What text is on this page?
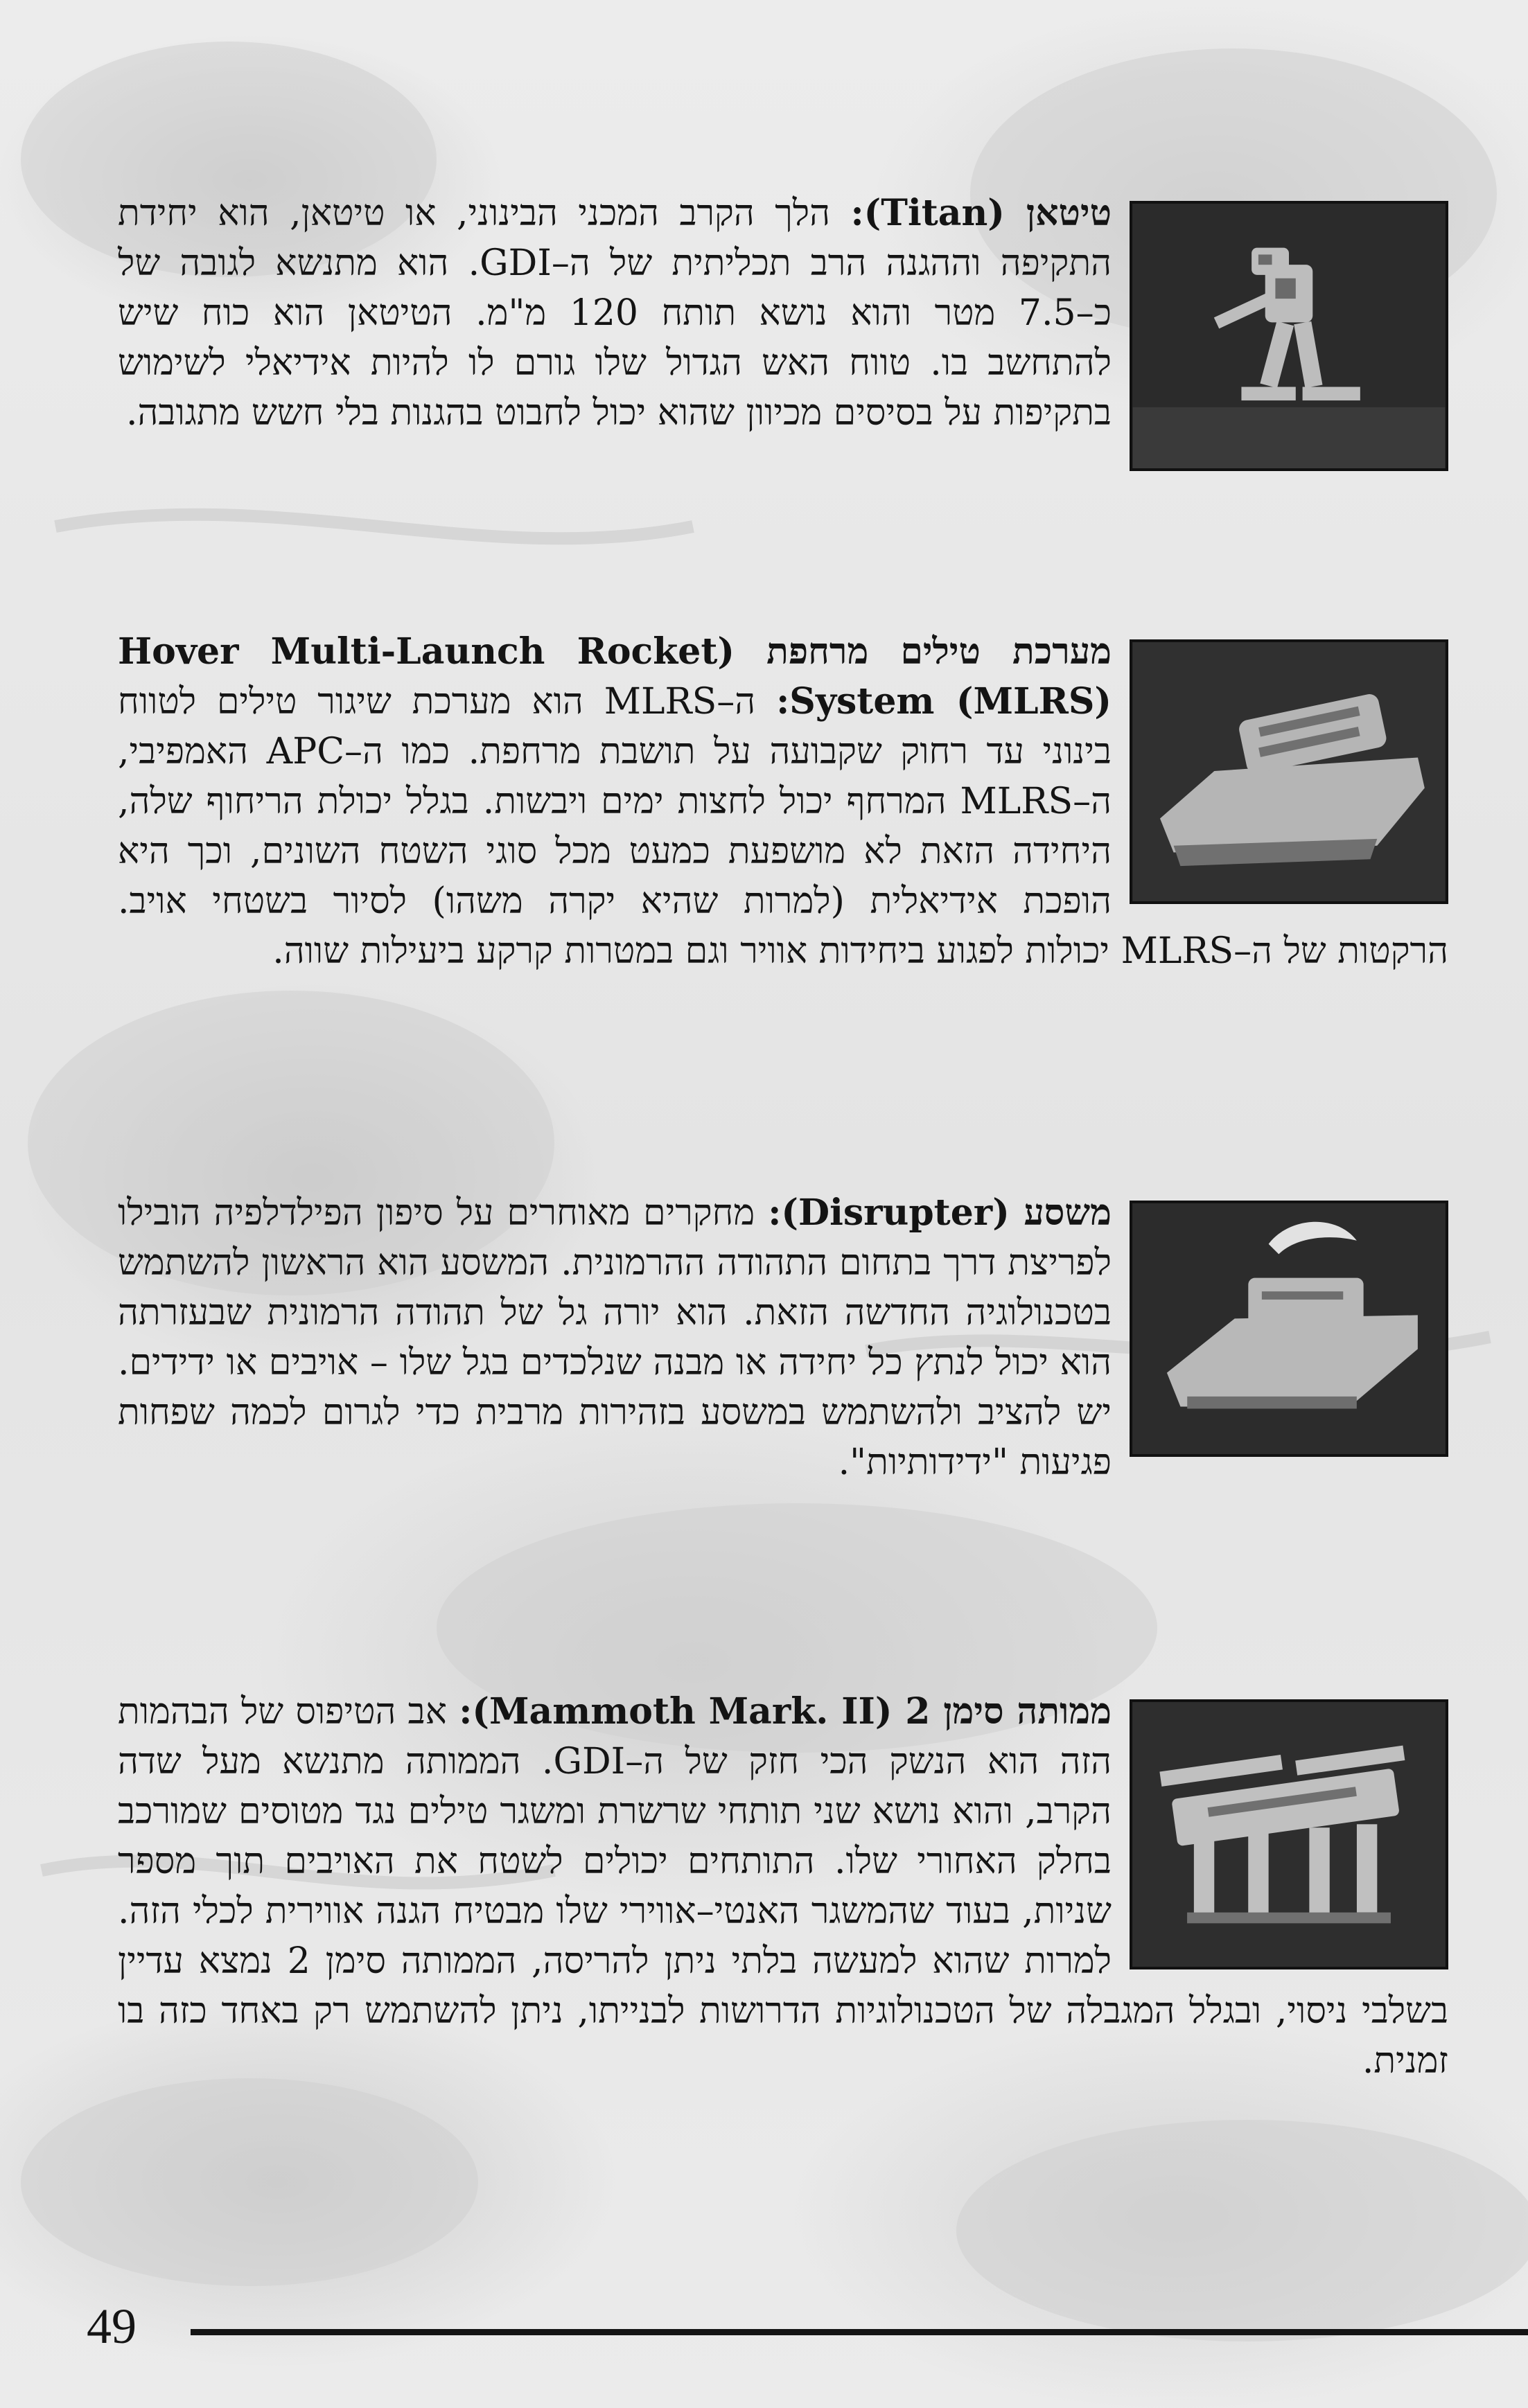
טיטאן (Titan): הלך הקרב המכני הבינוני, או טיטאן, הוא יחידת התקיפה וההגנה הרב תכליתית של ה–GDI. הוא מתנשא לגובה של כ–7.5 מטר והוא נושא תותח 120 מ"מ. הטיטאן הוא כוח שיש להתחשב בו. טווח האש הגדול שלו גורם לו להיות אידיאלי לשימוש בתקיפות על בסיסים מכיוון שהוא יכול לחבוט בהגנות בלי חשש מתגובה.

מערכת טילים מרחפת (Hover Multi-Launch Rocket System (MLRS): ה–MLRS הוא מערכת שיגור טילים לטווח בינוני עד רחוק שקבועה על תושבת מרחפת. כמו ה–APC האמפיבי, ה–MLRS המרחף יכול לחצות ימים ויבשות. בגלל יכולת הריחוף שלה, היחידה הזאת לא מושפעת כמעט מכל סוגי השטח השונים, וכך היא הופכת אידיאלית (למרות שהיא יקרה משהו) לסיור בשטחי אויב. הרקטות של ה–MLRS יכולות לפגוע ביחידות אוויר וגם במטרות קרקע ביעילות שווה.

משסע (Disrupter): מחקרים מאוחרים על סיפון הפילדלפיה הובילו לפריצת דרך בתחום התהודה ההרמונית. המשסע הוא הראשון להשתמש בטכנולוגיה החדשה הזאת. הוא יורה גל של תהודה הרמונית שבעזרתה הוא יכול לנתץ כל יחידה או מבנה שנלכדים בגל שלו – אויבים או ידידים. יש להציב ולהשתמש במשסע בזהירות מרבית כדי לגרום לכמה שפחות פגיעות "ידידותיות".

ממותה סימן 2 (Mammoth Mark. II): אב הטיפוס של הבהמות הזה הוא הנשק הכי חזק של ה–GDI. הממותה מתנשא מעל שדה הקרב, והוא נושא שני תותחי שרשרת ומשגר טילים נגד מטוסים שמורכב בחלק האחורי שלו. התותחים יכולים לשטח את האויבים תוך מספר שניות, בעוד שהמשגר האנטי–אווירי שלו מבטיח הגנה אווירית לכלי הזה. למרות שהוא למעשה בלתי ניתן להריסה, הממותה סימן 2 נמצא עדיין בשלבי ניסוי, ובגלל המגבלה של הטכנולוגיות הדרושות לבנייתו, ניתן להשתמש רק באחד כזה בו זמנית.

49
